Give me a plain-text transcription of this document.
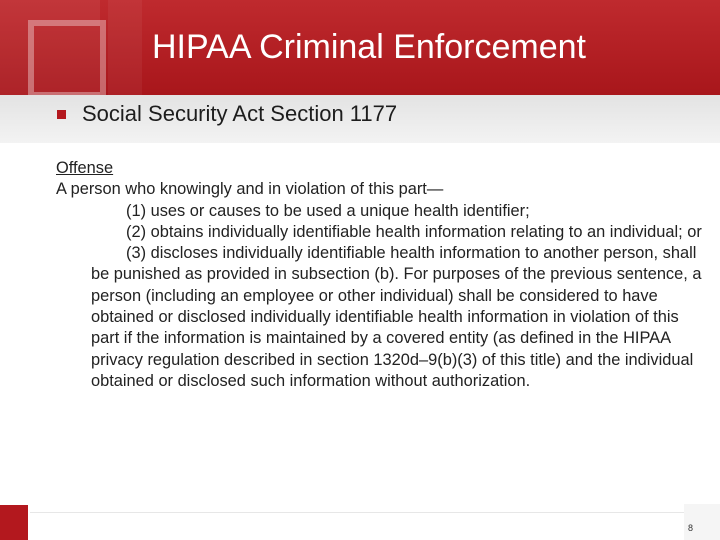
HIPAA Criminal Enforcement
Social Security Act Section 1177
Offense
A person who knowingly and in violation of this part—
(1) uses or causes to be used a unique health identifier;
(2) obtains individually identifiable health information relating to an individual; or
(3) discloses individually identifiable health information to another person, shall be punished as provided in subsection (b). For purposes of the previous sentence, a person (including an employee or other individual) shall be considered to have obtained or disclosed individually identifiable health information in violation of this part if the information is maintained by a covered entity (as defined in the HIPAA privacy regulation described in section 1320d–9(b)(3) of this title) and the individual obtained or disclosed such information without authorization.
8
